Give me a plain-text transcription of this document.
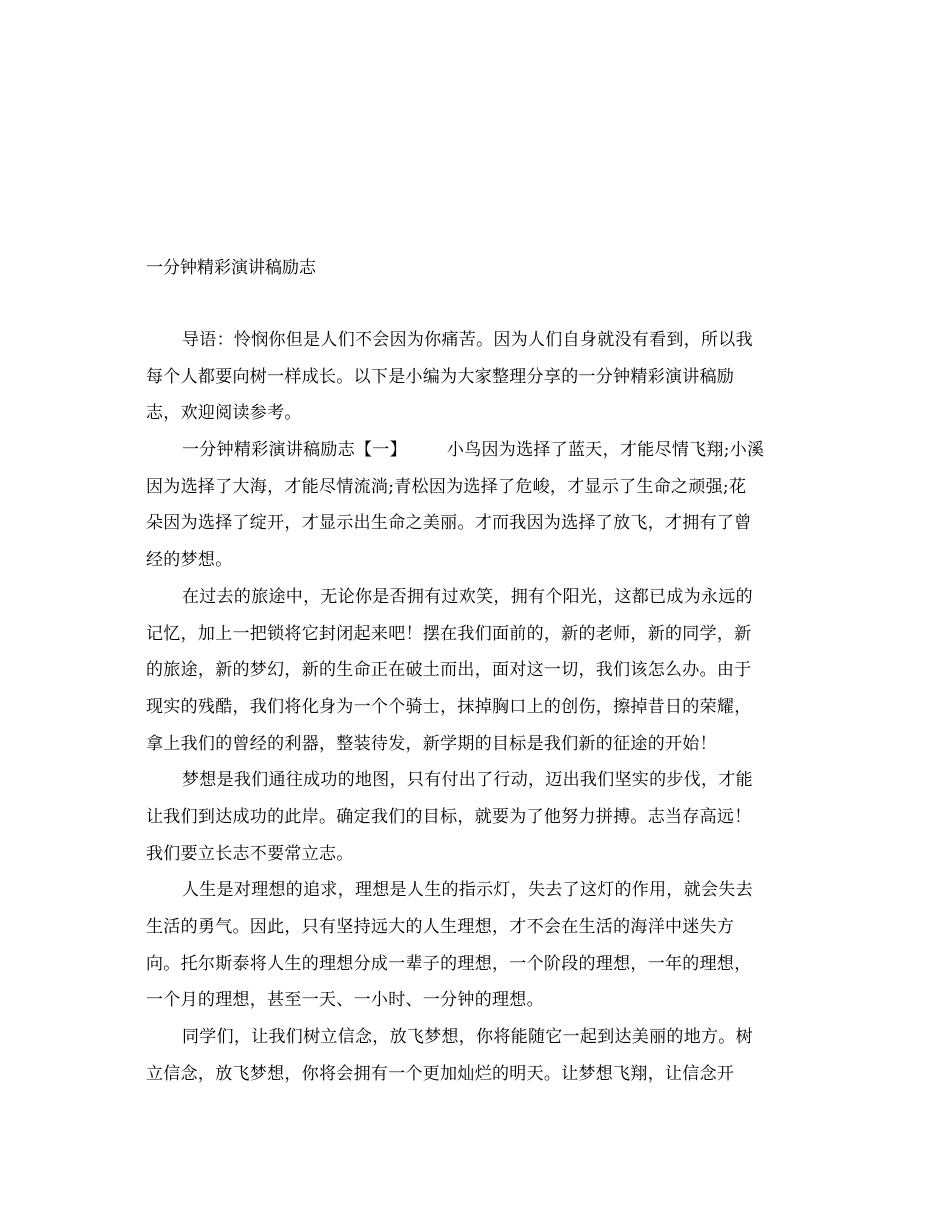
一分钟精彩演讲稿励志
导语：怜悯你但是人们不会因为你痛苦。因为人们自身就没有看到，所以我
每个人都要向树一样成长。以下是小编为大家整理分享的一分钟精彩演讲稿励
志，欢迎阅读参考。
一分钟精彩演讲稿励志【一】 小鸟因为选择了蓝天，才能尽情飞翔;小溪
因为选择了大海，才能尽情流淌;青松因为选择了危峻，才显示了生命之顽强;花
朵因为选择了绽开，才显示出生命之美丽。才而我因为选择了放飞，才拥有了曾
经的梦想。
在过去的旅途中，无论你是否拥有过欢笑，拥有个阳光，这都已成为永远的
记忆，加上一把锁将它封闭起来吧！摆在我们面前的，新的老师，新的同学，新
的旅途，新的梦幻，新的生命正在破土而出，面对这一切，我们该怎么办。由于
现实的残酷，我们将化身为一个个骑士，抹掉胸口上的创伤，擦掉昔日的荣耀，
拿上我们的曾经的利器，整装待发，新学期的目标是我们新的征途的开始！
梦想是我们通往成功的地图，只有付出了行动，迈出我们坚实的步伐，才能
让我们到达成功的此岸。确定我们的目标，就要为了他努力拼搏。志当存高远！
我们要立长志不要常立志。
人生是对理想的追求，理想是人生的指示灯，失去了这灯的作用，就会失去
生活的勇气。因此，只有坚持远大的人生理想，才不会在生活的海洋中迷失方
向。托尔斯泰将人生的理想分成一辈子的理想，一个阶段的理想，一年的理想，
一个月的理想，甚至一天、一小时、一分钟的理想。
同学们，让我们树立信念，放飞梦想，你将能随它一起到达美丽的地方。树
立信念，放飞梦想，你将会拥有一个更加灿烂的明天。让梦想飞翔，让信念开
